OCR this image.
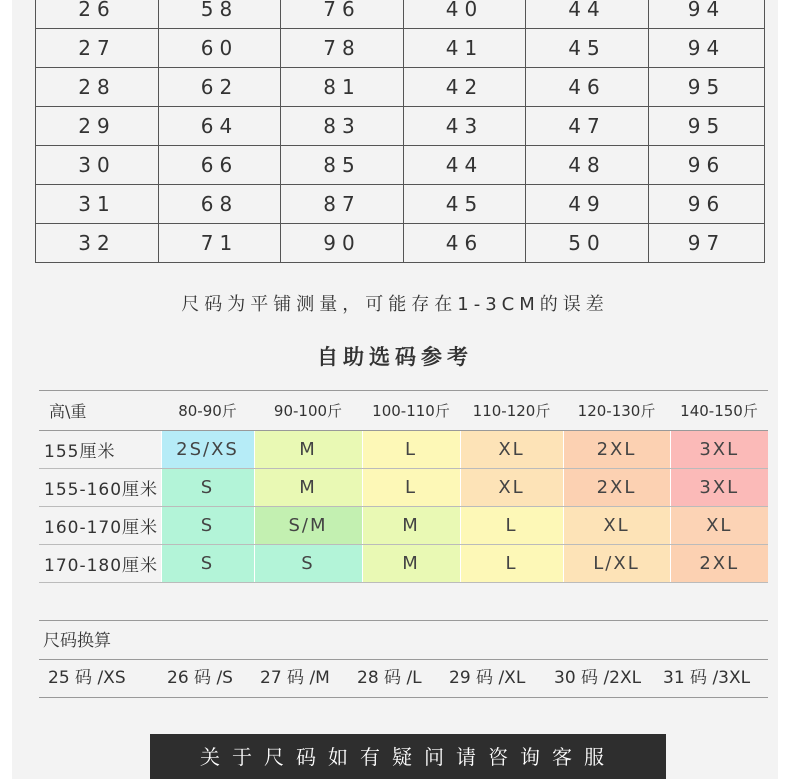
26	58	76	40	44	94
27	60	78	41	45	94
28	62	81	42	46	95
29	64	83	43	47	95
30	66	85	44	48	96
31	68	87	45	49	96
32	71	90	46	50	97
尺码为平铺测量，可能存在1-3CM的误差
自助选码参考
高\重	80-90斤	90-100斤	100-110斤	110-120斤	120-130斤	140-150斤
155厘米	2S/XS	M	L	XL	2XL	3XL
155-160厘米	S	M	L	XL	2XL	3XL
160-170厘米	S	S/M	M	L	XL	XL
170-180厘米	S	S	M	L	L/XL	2XL
尺码换算
25 码 /XS	26 码 /S	27 码 /M	28 码 /L	29 码 /XL	30 码 /2XL	31 码 /3XL
关于尺码如有疑问请咨询客服
